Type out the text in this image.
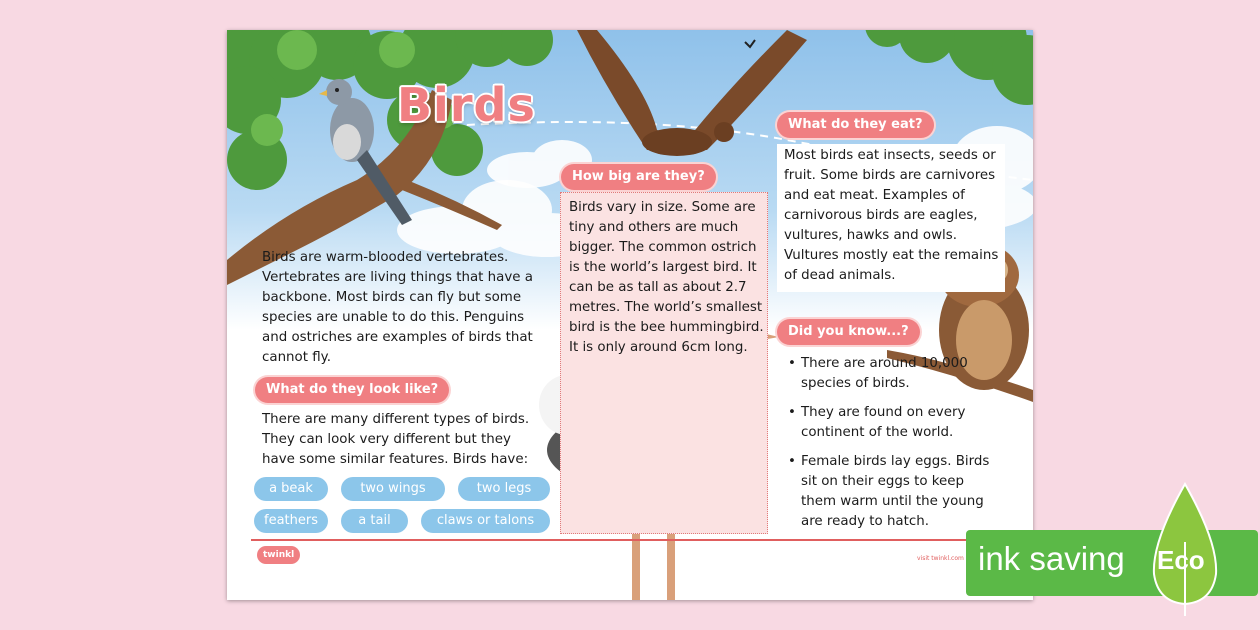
Birds
Birds are warm-blooded vertebrates. Vertebrates are living things that have a backbone. Most birds can fly but some species are unable to do this. Penguins and ostriches are examples of birds that cannot fly.
What do they look like?
There are many different types of birds. They can look very different but they have some similar features. Birds have:
a beak	two wings	two legs
feathers	a tail	claws or talons
How big are they?
Birds vary in size. Some are tiny and others are much bigger. The common ostrich is the world’s largest bird. It can be as tall as about 2.7 metres. The world’s smallest bird is the bee hummingbird. It is only around 6cm long.
What do they eat?
Most birds eat insects, seeds or fruit. Some birds are carnivores and eat meat. Examples of carnivorous birds are eagles, vultures, hawks and owls. Vultures mostly eat the remains of dead animals.
Did you know...?
• There are around 10,000 species of birds.
• They are found on every continent of the world.
• Female birds lay eggs. Birds sit on their eggs to keep them warm until the young are ready to hatch.
twinkl	visit twinkl.com ink saving Eco
